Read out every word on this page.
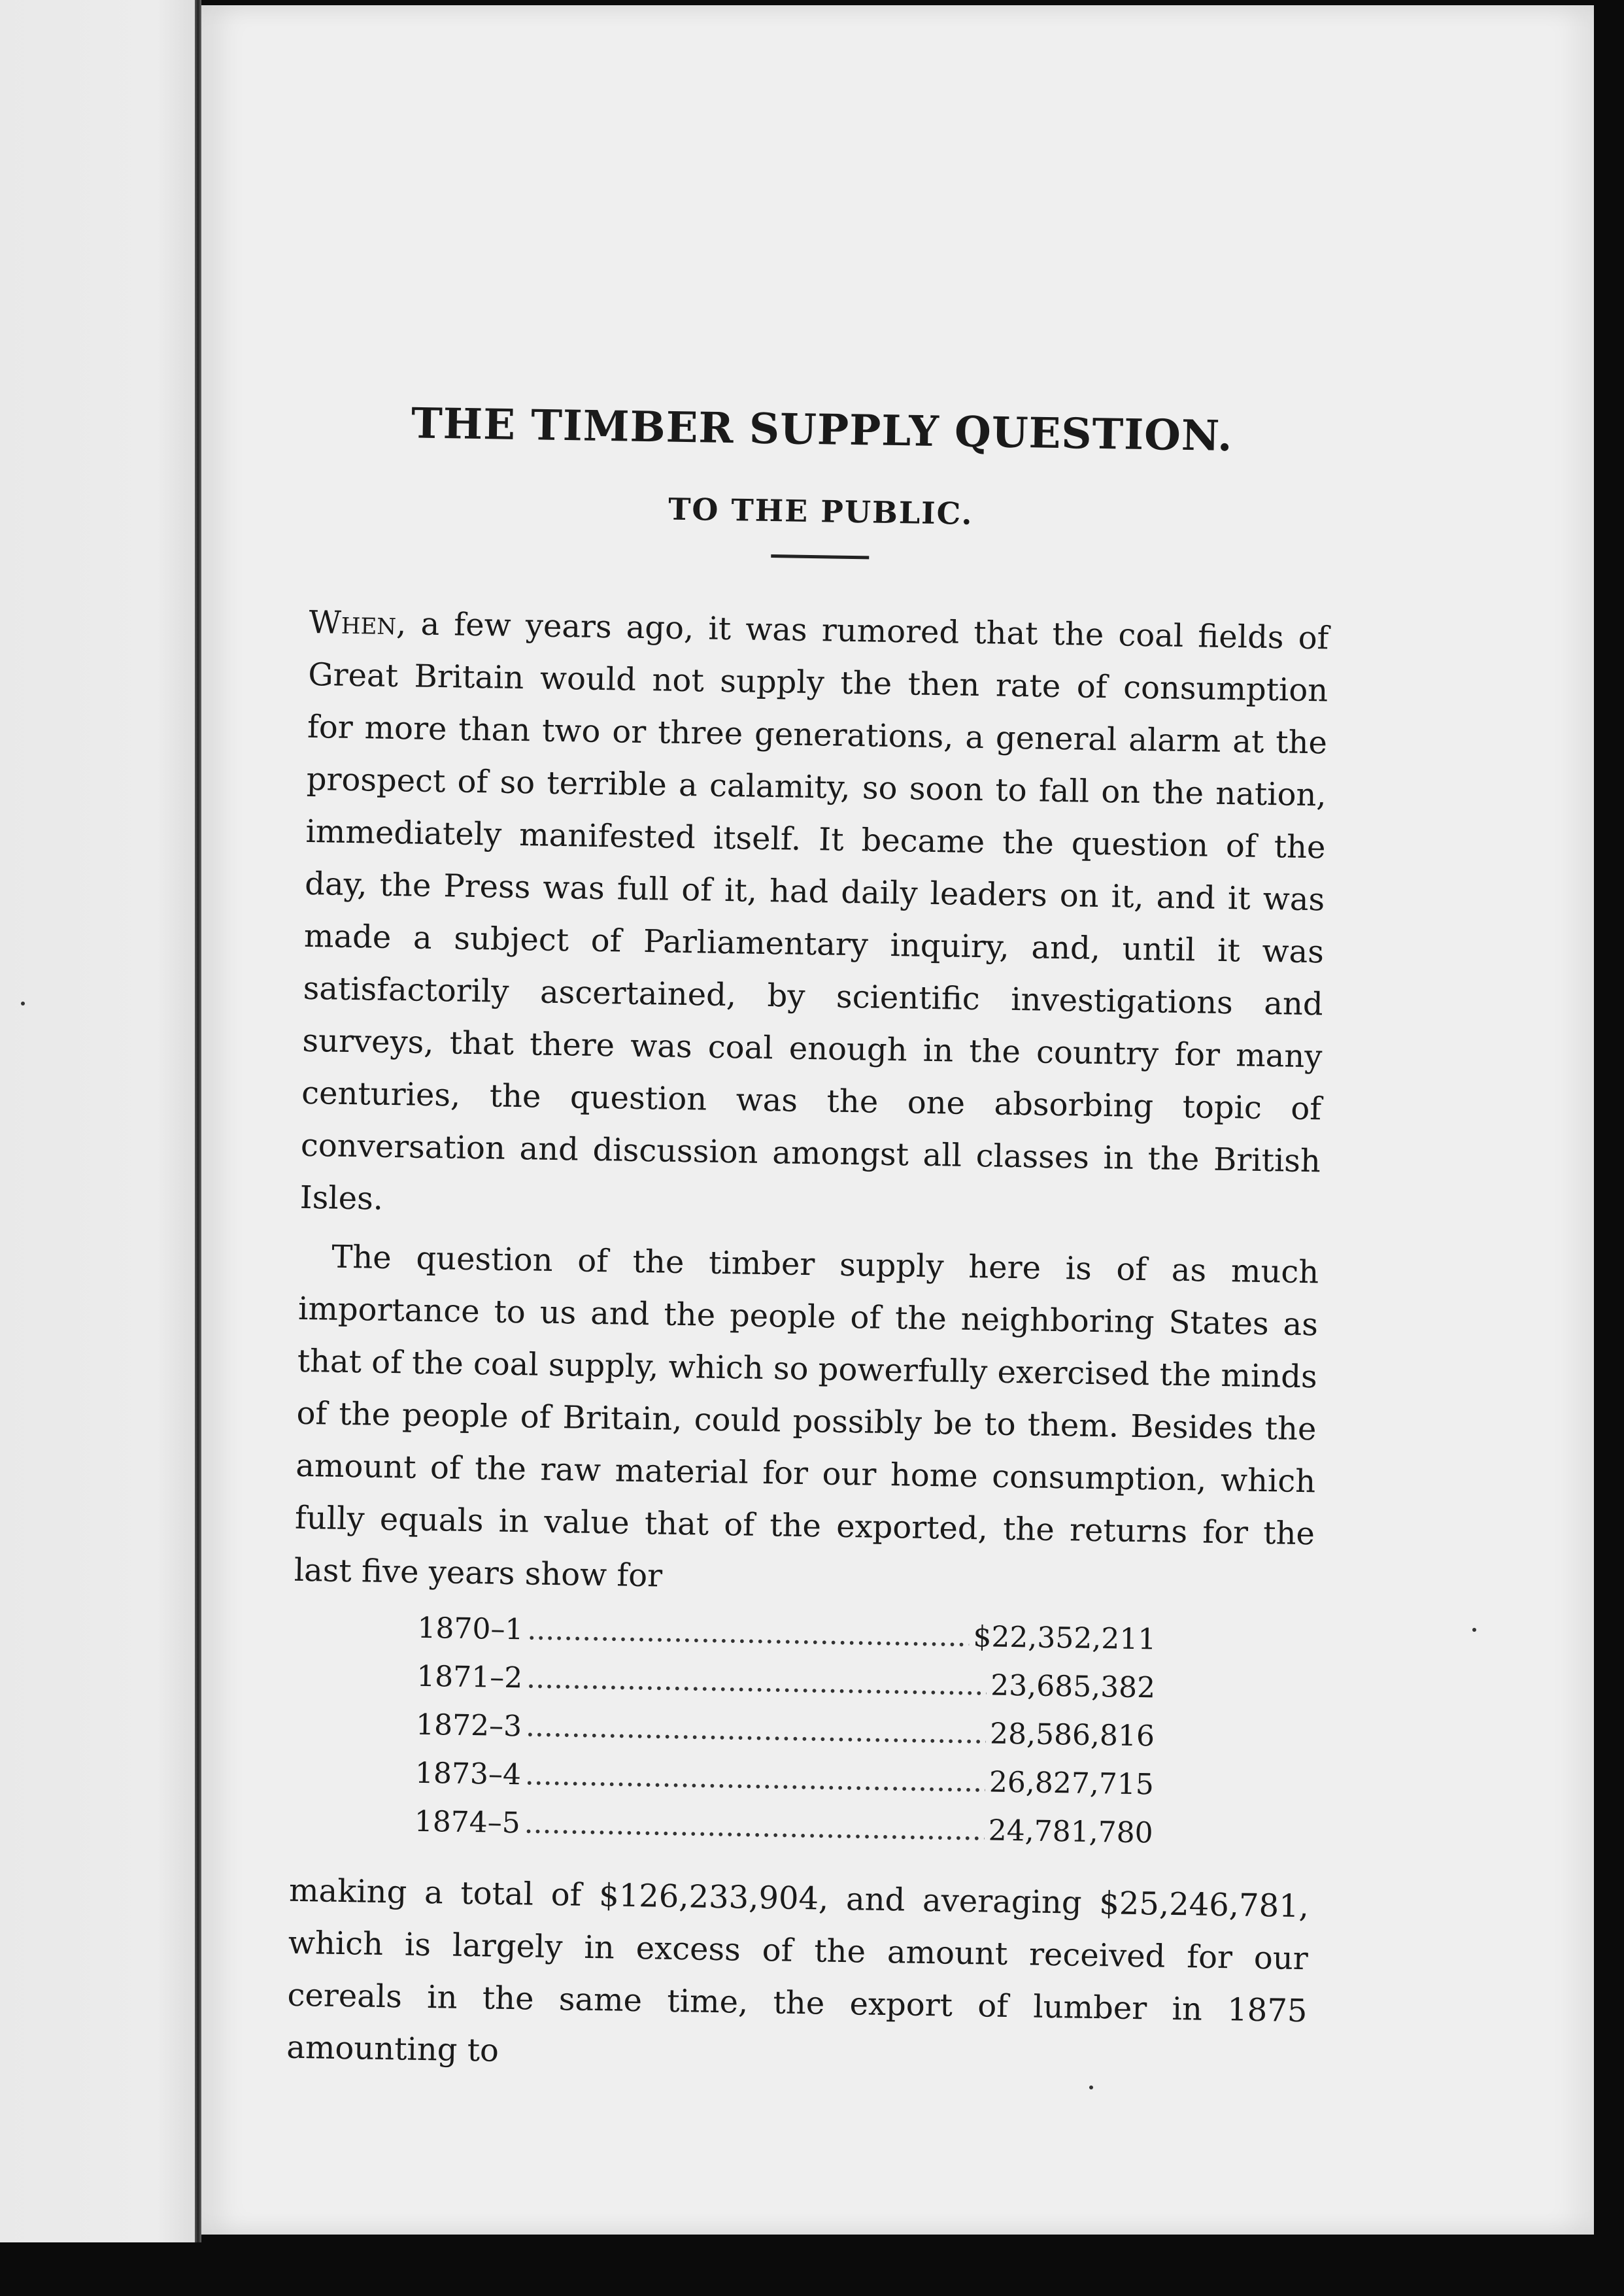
THE TIMBER SUPPLY QUESTION.
TO THE PUBLIC.

When, a few years ago, it was rumored that the coal fields of Great Britain would not supply the then rate of consumption for more than two or three generations, a general alarm at the prospect of so terrible a calamity, so soon to fall on the nation, immediately manifested itself. It became the question of the day, the Press was full of it, had daily leaders on it, and it was made a subject of Parliamentary inquiry, and, until it was satisfactorily ascertained, by scientific investigations and surveys, that there was coal enough in the country for many centuries, the question was the one absorbing topic of conversation and discussion amongst all classes in the British Isles.

The question of the timber supply here is of as much importance to us and the people of the neighboring States as that of the coal supply, which so powerfully exercised the minds of the people of Britain, could possibly be to them. Besides the amount of the raw material for our home consumption, which fully equals in value that of the exported, the returns for the last five years show for

1870–1 .....	$22,352,211
1871–2 .....	23,685,382
1872–3 .....	28,586,816
1873–4 .....	26,827,715
1874–5 .....	24,781,780

making a total of $126,233,904, and averaging $25,246,781, which is largely in excess of the amount received for our cereals in the same time, the export of lumber in 1875 amounting to
